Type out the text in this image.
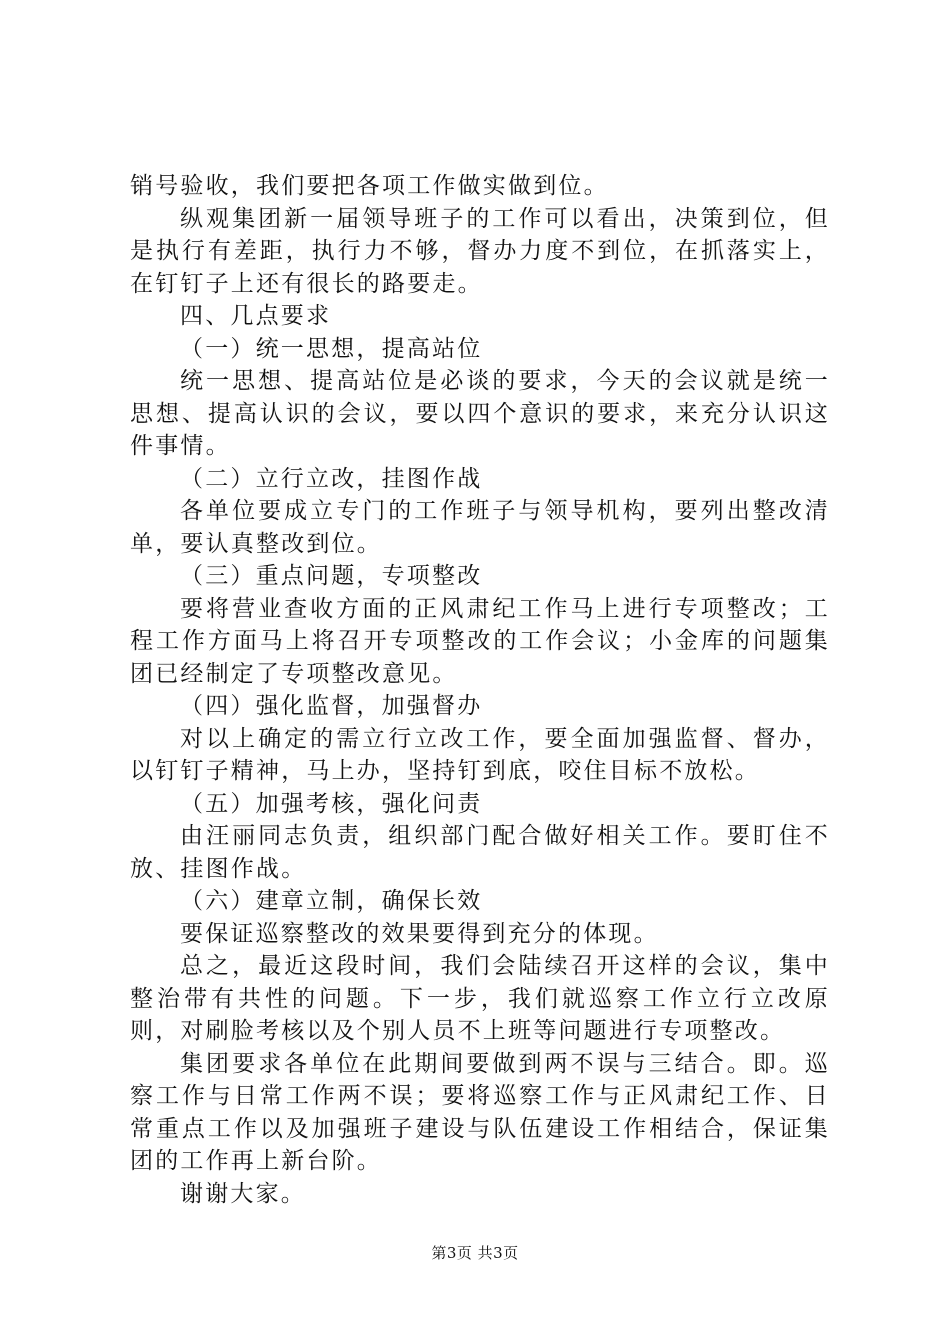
销号验收，我们要把各项工作做实做到位。

纵观集团新一届领导班子的工作可以看出，决策到位，但是执行有差距，执行力不够，督办力度不到位，在抓落实上，在钉钉子上还有很长的路要走。

四、几点要求

（一）统一思想，提高站位

统一思想、提高站位是必谈的要求，今天的会议就是统一思想、提高认识的会议，要以四个意识的要求，来充分认识这件事情。

（二）立行立改，挂图作战

各单位要成立专门的工作班子与领导机构，要列出整改清单，要认真整改到位。

（三）重点问题，专项整改

要将营业查收方面的正风肃纪工作马上进行专项整改；工程工作方面马上将召开专项整改的工作会议；小金库的问题集团已经制定了专项整改意见。

（四）强化监督，加强督办

对以上确定的需立行立改工作，要全面加强监督、督办，以钉钉子精神，马上办，坚持钉到底，咬住目标不放松。

（五）加强考核，强化问责

由汪丽同志负责，组织部门配合做好相关工作。要盯住不放、挂图作战。

（六）建章立制，确保长效

要保证巡察整改的效果要得到充分的体现。

总之，最近这段时间，我们会陆续召开这样的会议，集中整治带有共性的问题。下一步，我们就巡察工作立行立改原则，对刷脸考核以及个别人员不上班等问题进行专项整改。

集团要求各单位在此期间要做到两不误与三结合。即。巡察工作与日常工作两不误；要将巡察工作与正风肃纪工作、日常重点工作以及加强班子建设与队伍建设工作相结合，保证集团的工作再上新台阶。

谢谢大家。

第3页 共3页
